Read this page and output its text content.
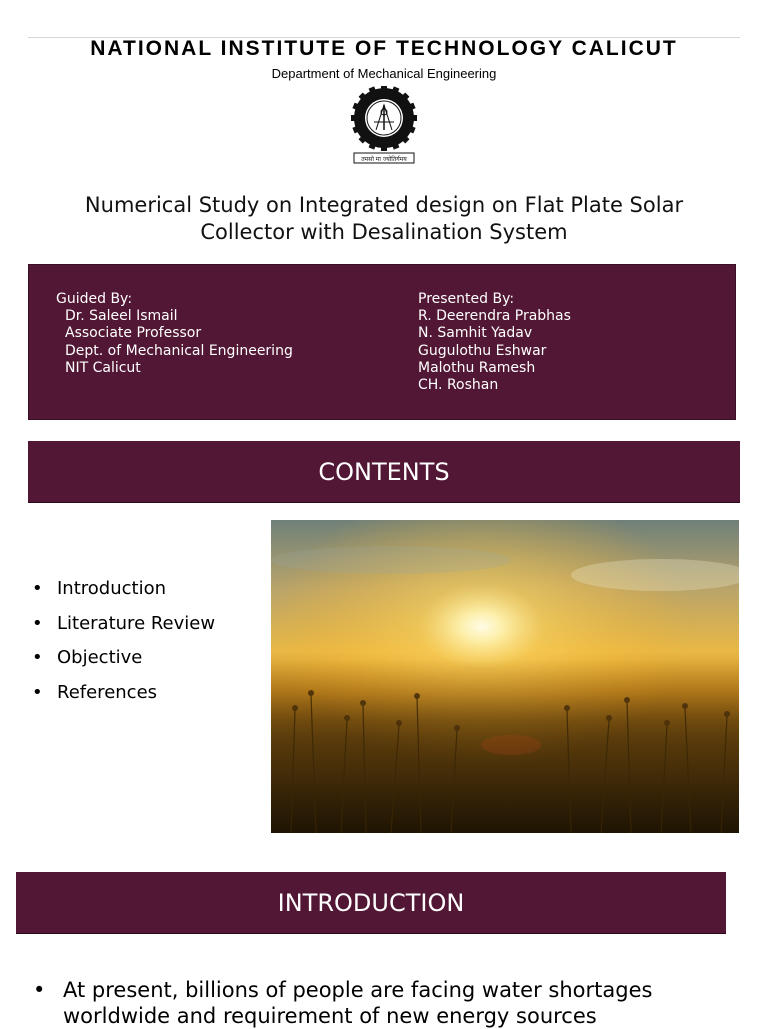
NATIONAL INSTITUTE OF TECHNOLOGY CALICUT
Department of Mechanical Engineering
तमसो मा ज्योतिर्गमय
Numerical Study on Integrated design on Flat Plate Solar
Collector with Desalination System
Guided By:
Dr. Saleel Ismail
Associate Professor
Dept. of Mechanical Engineering
NIT Calicut
Presented By:
R. Deerendra Prabhas
N. Samhit Yadav
Gugulothu Eshwar
Malothu Ramesh
CH. Roshan
CONTENTS
• Introduction
• Literature Review
• Objective
• References
INTRODUCTION
• At present, billions of people are facing water shortages worldwide and requirement of new energy sources
